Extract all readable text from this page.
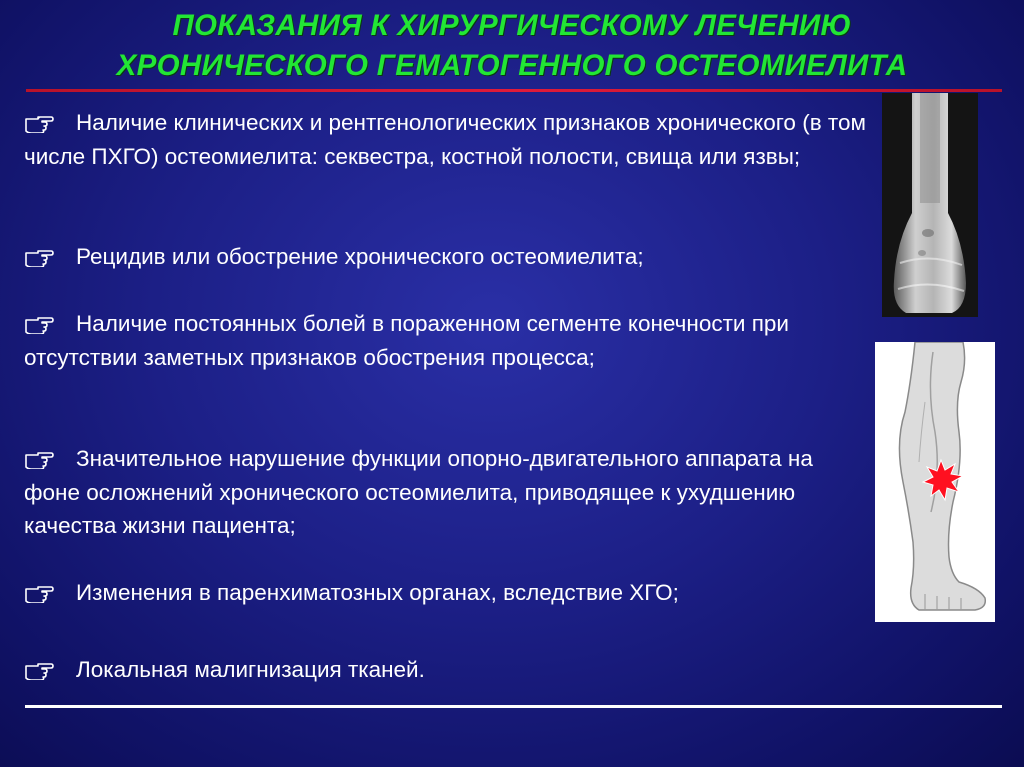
ПОКАЗАНИЯ К ХИРУРГИЧЕСКОМУ ЛЕЧЕНИЮ
ХРОНИЧЕСКОГО ГЕМАТОГЕННОГО ОСТЕОМИЕЛИТА
Наличие клинических и рентгенологических признаков хронического (в том числе ПХГО) остеомиелита: секвестра, костной полости, свища или язвы;
Рецидив или обострение хронического остеомиелита;
Наличие постоянных болей в пораженном сегменте конечности при отсутствии заметных признаков обострения процесса;
Значительное нарушение функции опорно-двигательного аппарата на фоне осложнений хронического остеомиелита, приводящее к ухудшению качества жизни пациента;
Изменения в паренхиматозных органах, вследствие ХГО;
Локальная малигнизация тканей.
